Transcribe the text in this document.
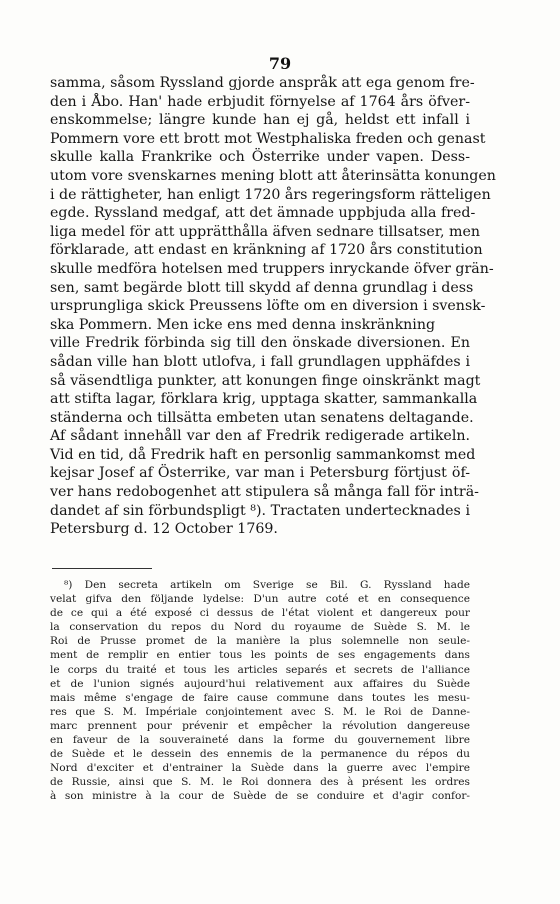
79
samma, såsom Ryssland gjorde anspråk att ega genom fre-
den i Åbo. Han' hade erbjudit förnyelse af 1764 års öfver-
enskommelse; längre kunde han ej gå, heldst ett infall i
Pommern vore ett brott mot Westphaliska freden och genast
skulle kalla Frankrike och Österrike under vapen. Dess-
utom vore svenskarnes mening blott att återinsätta konungen
i de rättigheter, han enligt 1720 års regeringsform rätteligen
egde. Ryssland medgaf, att det ämnade uppbjuda alla fred-
liga medel för att upprätthålla äfven sednare tillsatser, men
förklarade, att endast en kränkning af 1720 års constitution
skulle medföra hotelsen med truppers inryckande öfver grän-
sen, samt begärde blott till skydd af denna grundlag i dess
ursprungliga skick Preussens löfte om en diversion i svensk-
ska Pommern. Men icke ens med denna inskränkning
ville Fredrik förbinda sig till den önskade diversionen. En
sådan ville han blott utlofva, i fall grundlagen upphäfdes i
så väsendtliga punkter, att konungen finge oinskränkt magt
att stifta lagar, förklara krig, upptaga skatter, sammankalla
ständerna och tillsätta embeten utan senatens deltagande.
Af sådant innehåll var den af Fredrik redigerade artikeln.
Vid en tid, då Fredrik haft en personlig sammankomst med
kejsar Josef af Österrike, var man i Petersburg förtjust öf-
ver hans redobogenhet att stipulera så många fall för inträ-
dandet af sin förbundspligt ⁸). Tractaten undertecknades i
Petersburg d. 12 October 1769.
⁸) Den secreta artikeln om Sverige se Bil. G. Ryssland hade
velat gifva den följande lydelse: D'un autre coté et en consequence
de ce qui a été exposé ci dessus de l'état violent et dangereux pour
la conservation du repos du Nord du royaume de Suède S. M. le
Roi de Prusse promet de la manière la plus solemnelle non seule-
ment de remplir en entier tous les points de ses engagements dans
le corps du traité et tous les articles separés et secrets de l'alliance
et de l'union signés aujourd'hui relativement aux affaires du Suède
mais même s'engage de faire cause commune dans toutes les mesu-
res que S. M. Impériale conjointement avec S. M. le Roi de Danne-
marc prennent pour prévenir et empêcher la révolution dangereuse
en faveur de la souveraineté dans la forme du gouvernement libre
de Suède et le dessein des ennemis de la permanence du répos du
Nord d'exciter et d'entrainer la Suède dans la guerre avec l'empire
de Russie, ainsi que S. M. le Roi donnera des à présent les ordres
à son ministre à la cour de Suède de se conduire et d'agir confor-
